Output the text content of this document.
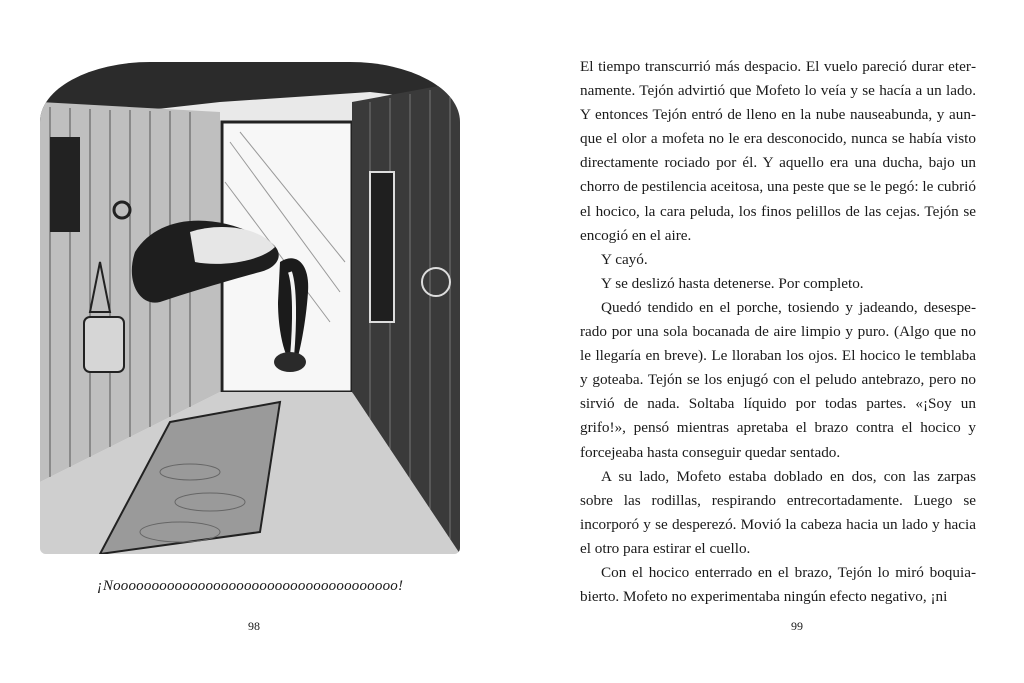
¡Nooooooooooooooooooooooooooooooooooooo!
98

El tiempo transcurrió más despacio. El vuelo pareció durar eternamente. Tejón advirtió que Mofeto lo veía y se hacía a un lado. Y entonces Tejón entró de lleno en la nube nauseabunda, y aunque el olor a mofeta no le era desconocido, nunca se había visto directamente rociado por él. Y aquello era una ducha, bajo un chorro de pestilencia aceitosa, una peste que se le pegó: le cubrió el hocico, la cara peluda, los finos pelillos de las cejas. Tejón se encogió en el aire.

Y cayó.

Y se deslizó hasta detenerse. Por completo.

Quedó tendido en el porche, tosiendo y jadeando, desesperado por una sola bocanada de aire limpio y puro. (Algo que no le llegaría en breve). Le lloraban los ojos. El hocico le temblaba y goteaba. Tejón se los enjugó con el peludo antebrazo, pero no sirvió de nada. Soltaba líquido por todas partes. «¡Soy un grifo!», pensó mientras apretaba el brazo contra el hocico y forcejeaba hasta conseguir quedar sentado.

A su lado, Mofeto estaba doblado en dos, con las zarpas sobre las rodillas, respirando entrecortadamente. Luego se incorporó y se desperezó. Movió la cabeza hacia un lado y hacia el otro para estirar el cuello.

Con el hocico enterrado en el brazo, Tejón lo miró boquiabierto. Mofeto no experimentaba ningún efecto negativo, ¡ni

99
